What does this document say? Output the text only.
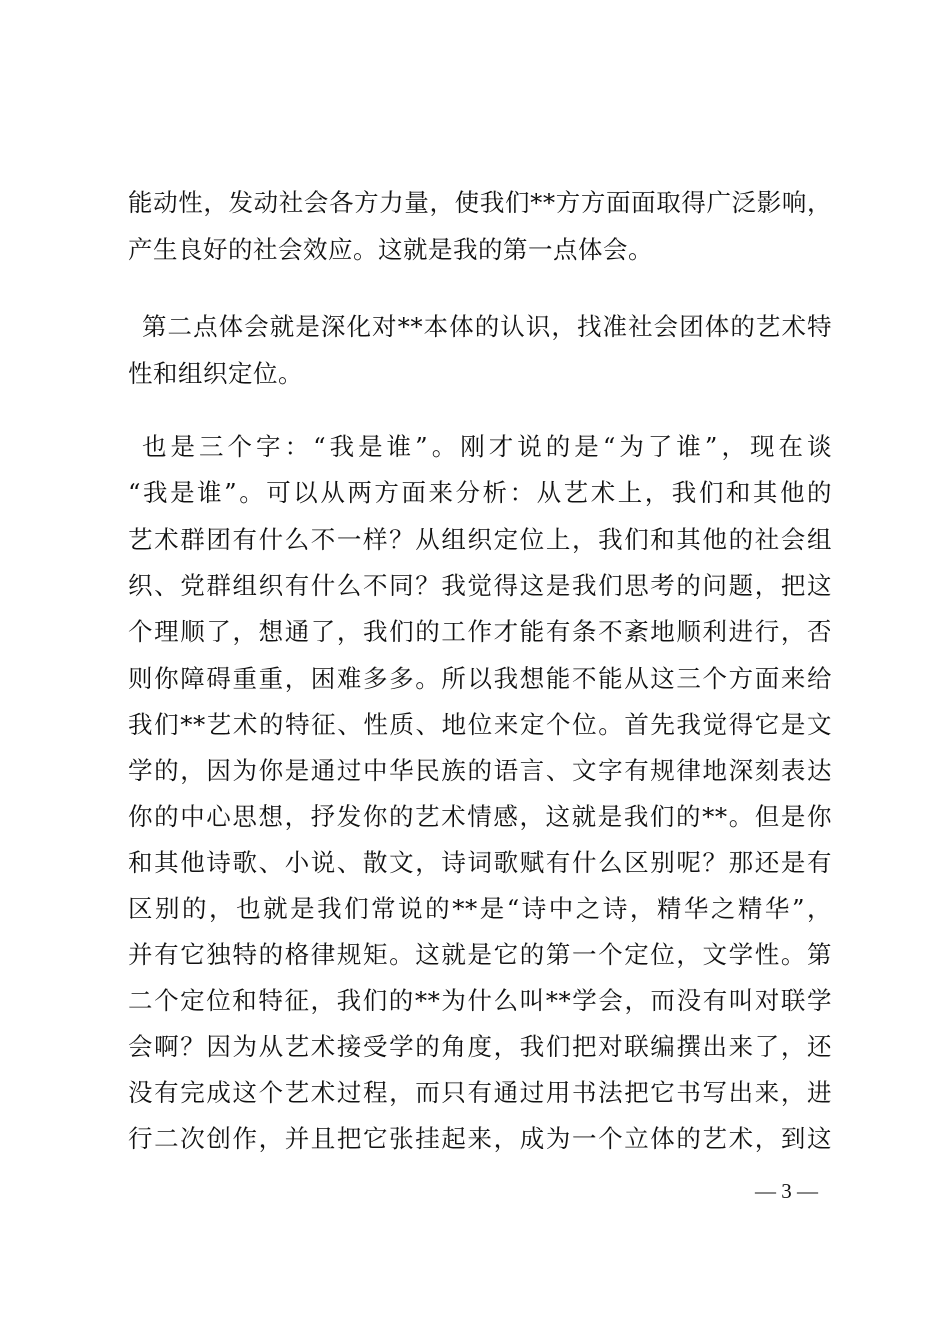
能动性，发动社会各方力量，使我们**方方面面取得广泛影响，
产生良好的社会效应。这就是我的第一点体会。
第二点体会就是深化对**本体的认识，找准社会团体的艺术特
性和组织定位。
也是三个字：“我是谁”。刚才说的是“为了谁”，现在谈
“我是谁”。可以从两方面来分析：从艺术上，我们和其他的
艺术群团有什么不一样？从组织定位上，我们和其他的社会组
织、党群组织有什么不同？我觉得这是我们思考的问题，把这
个理顺了，想通了，我们的工作才能有条不紊地顺利进行，否
则你障碍重重，困难多多。所以我想能不能从这三个方面来给
我们**艺术的特征、性质、地位来定个位。首先我觉得它是文
学的，因为你是通过中华民族的语言、文字有规律地深刻表达
你的中心思想，抒发你的艺术情感，这就是我们的**。但是你
和其他诗歌、小说、散文，诗词歌赋有什么区别呢？那还是有
区别的，也就是我们常说的**是“诗中之诗，精华之精华”，
并有它独特的格律规矩。这就是它的第一个定位，文学性。第
二个定位和特征，我们的**为什么叫**学会，而没有叫对联学
会啊？因为从艺术接受学的角度，我们把对联编撰出来了，还
没有完成这个艺术过程，而只有通过用书法把它书写出来，进
行二次创作，并且把它张挂起来，成为一个立体的艺术，到这
— 3 —
